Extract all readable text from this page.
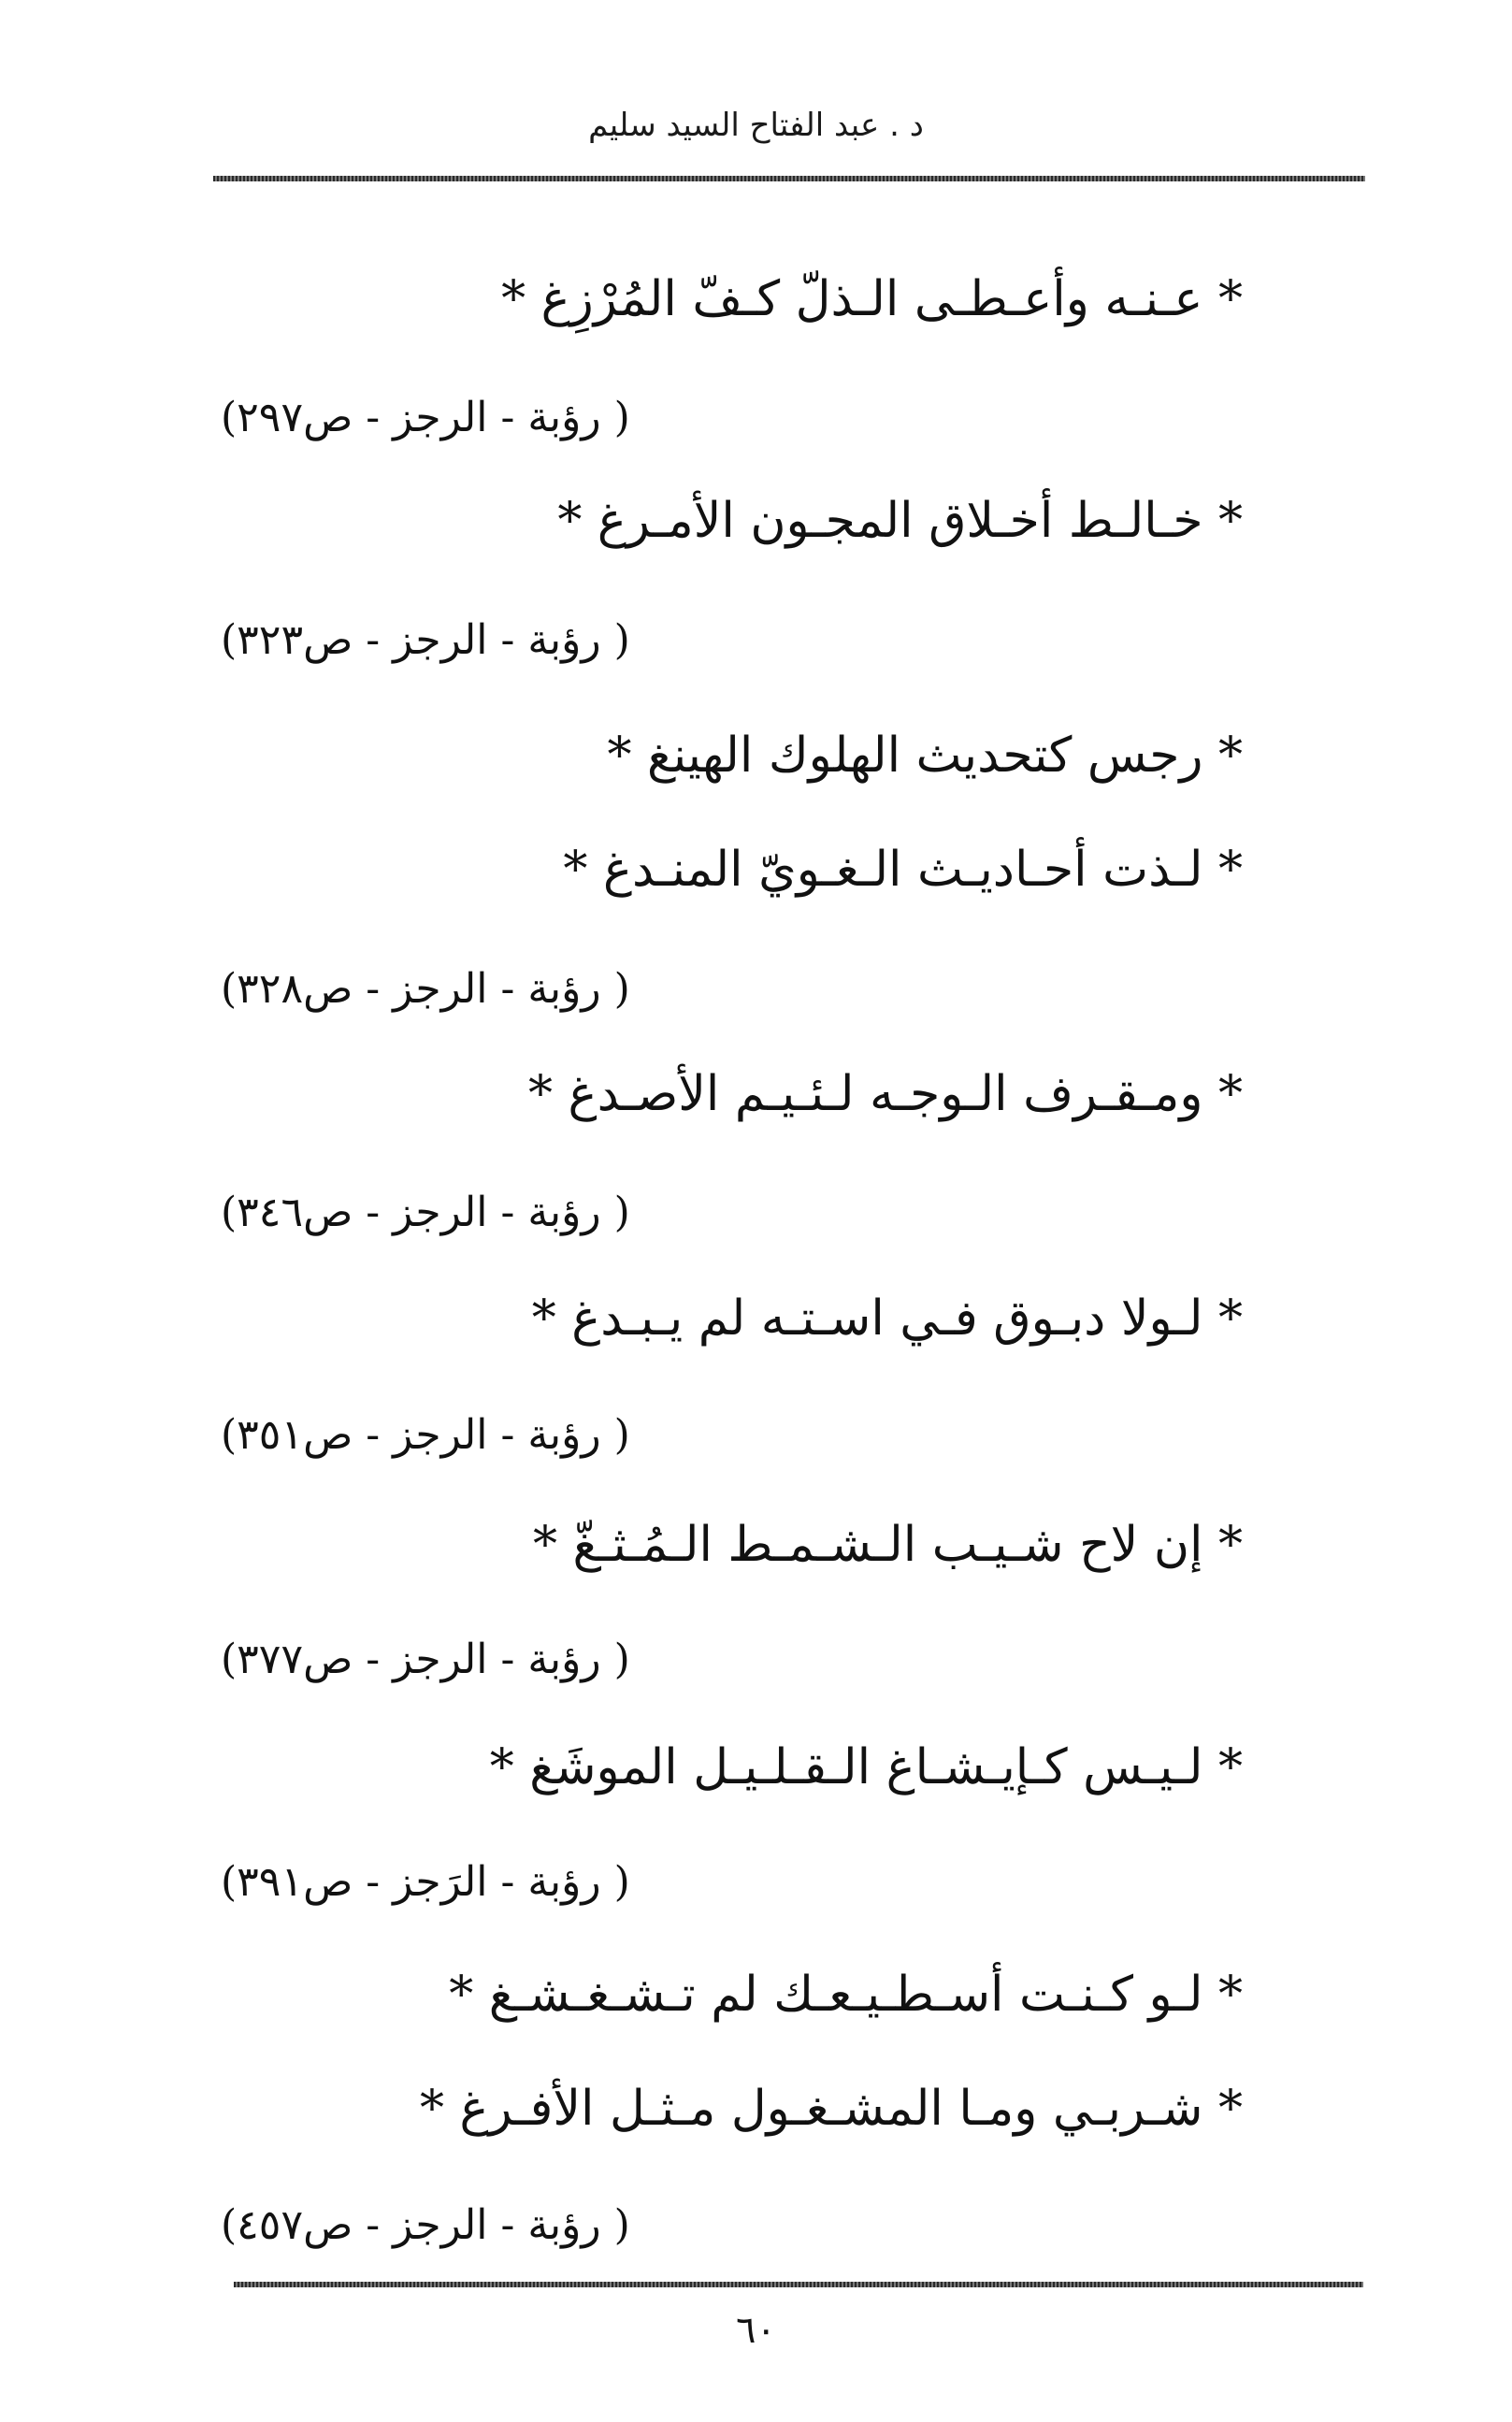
د . عبد الفتاح السيد سليم
* عـنـه وأعـطـى الـذلّ كـفّ المُرْزِغ *
( رؤبة - الرجز - ص٢٩٧)
* خـالـط أخـلاق المجـون الأمـرغ *
( رؤبة - الرجز - ص٣٢٣)
* رجس كتحديث الهلوك الهينغ *
* لـذت أحـاديـث الـغـويّ المنـدغ *
( رؤبة - الرجز - ص٣٢٨)
* ومـقـرف الـوجـه لـئـيـم الأصـدغ *
( رؤبة - الرجز - ص٣٤٦)
* لـولا دبـوق فـي اسـتـه لم يـبـدغ *
( رؤبة - الرجز - ص٣٥١)
* إن لاح شـيـب الـشـمـط الـمُـثـغّ *
( رؤبة - الرجز - ص٣٧٧)
* لـيـس كـإيـشـاغ الـقـلـيـل الموشَغ *
( رؤبة - الرَجز - ص٣٩١)
* لـو كـنـت أسـطـيـعـك لم تـشـغـشـغ *
* شـربـي ومـا المشـغـول مـثـل الأفـرغ *
( رؤبة - الرجز - ص٤٥٧)
٦٠
